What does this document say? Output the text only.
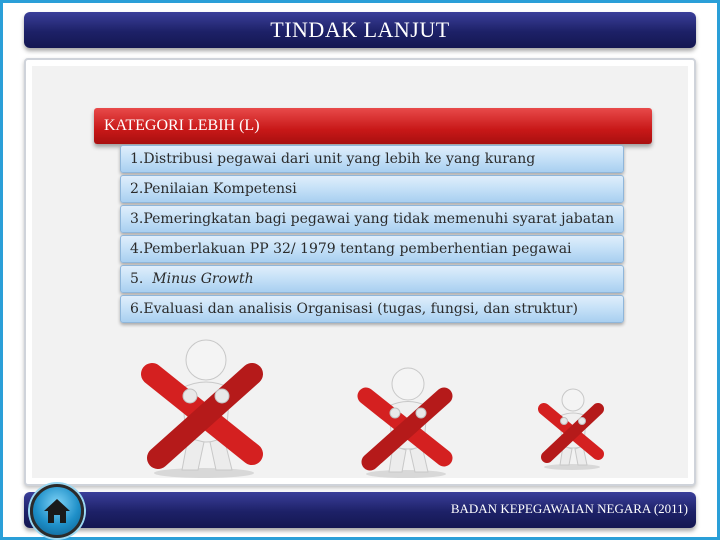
TINDAK LANJUT
KATEGORI LEBIH (L)
1. Distribusi pegawai dari unit yang lebih ke yang kurang
2. Penilaian Kompetensi
3. Pemeringkatan bagi pegawai yang tidak memenuhi syarat jabatan
4. Pemberlakuan PP 32/ 1979 tentang pemberhentian pegawai
5. Minus Growth
6. Evaluasi dan analisis Organisasi (tugas, fungsi, dan struktur)
BADAN KEPEGAWAIAN NEGARA (2011)
